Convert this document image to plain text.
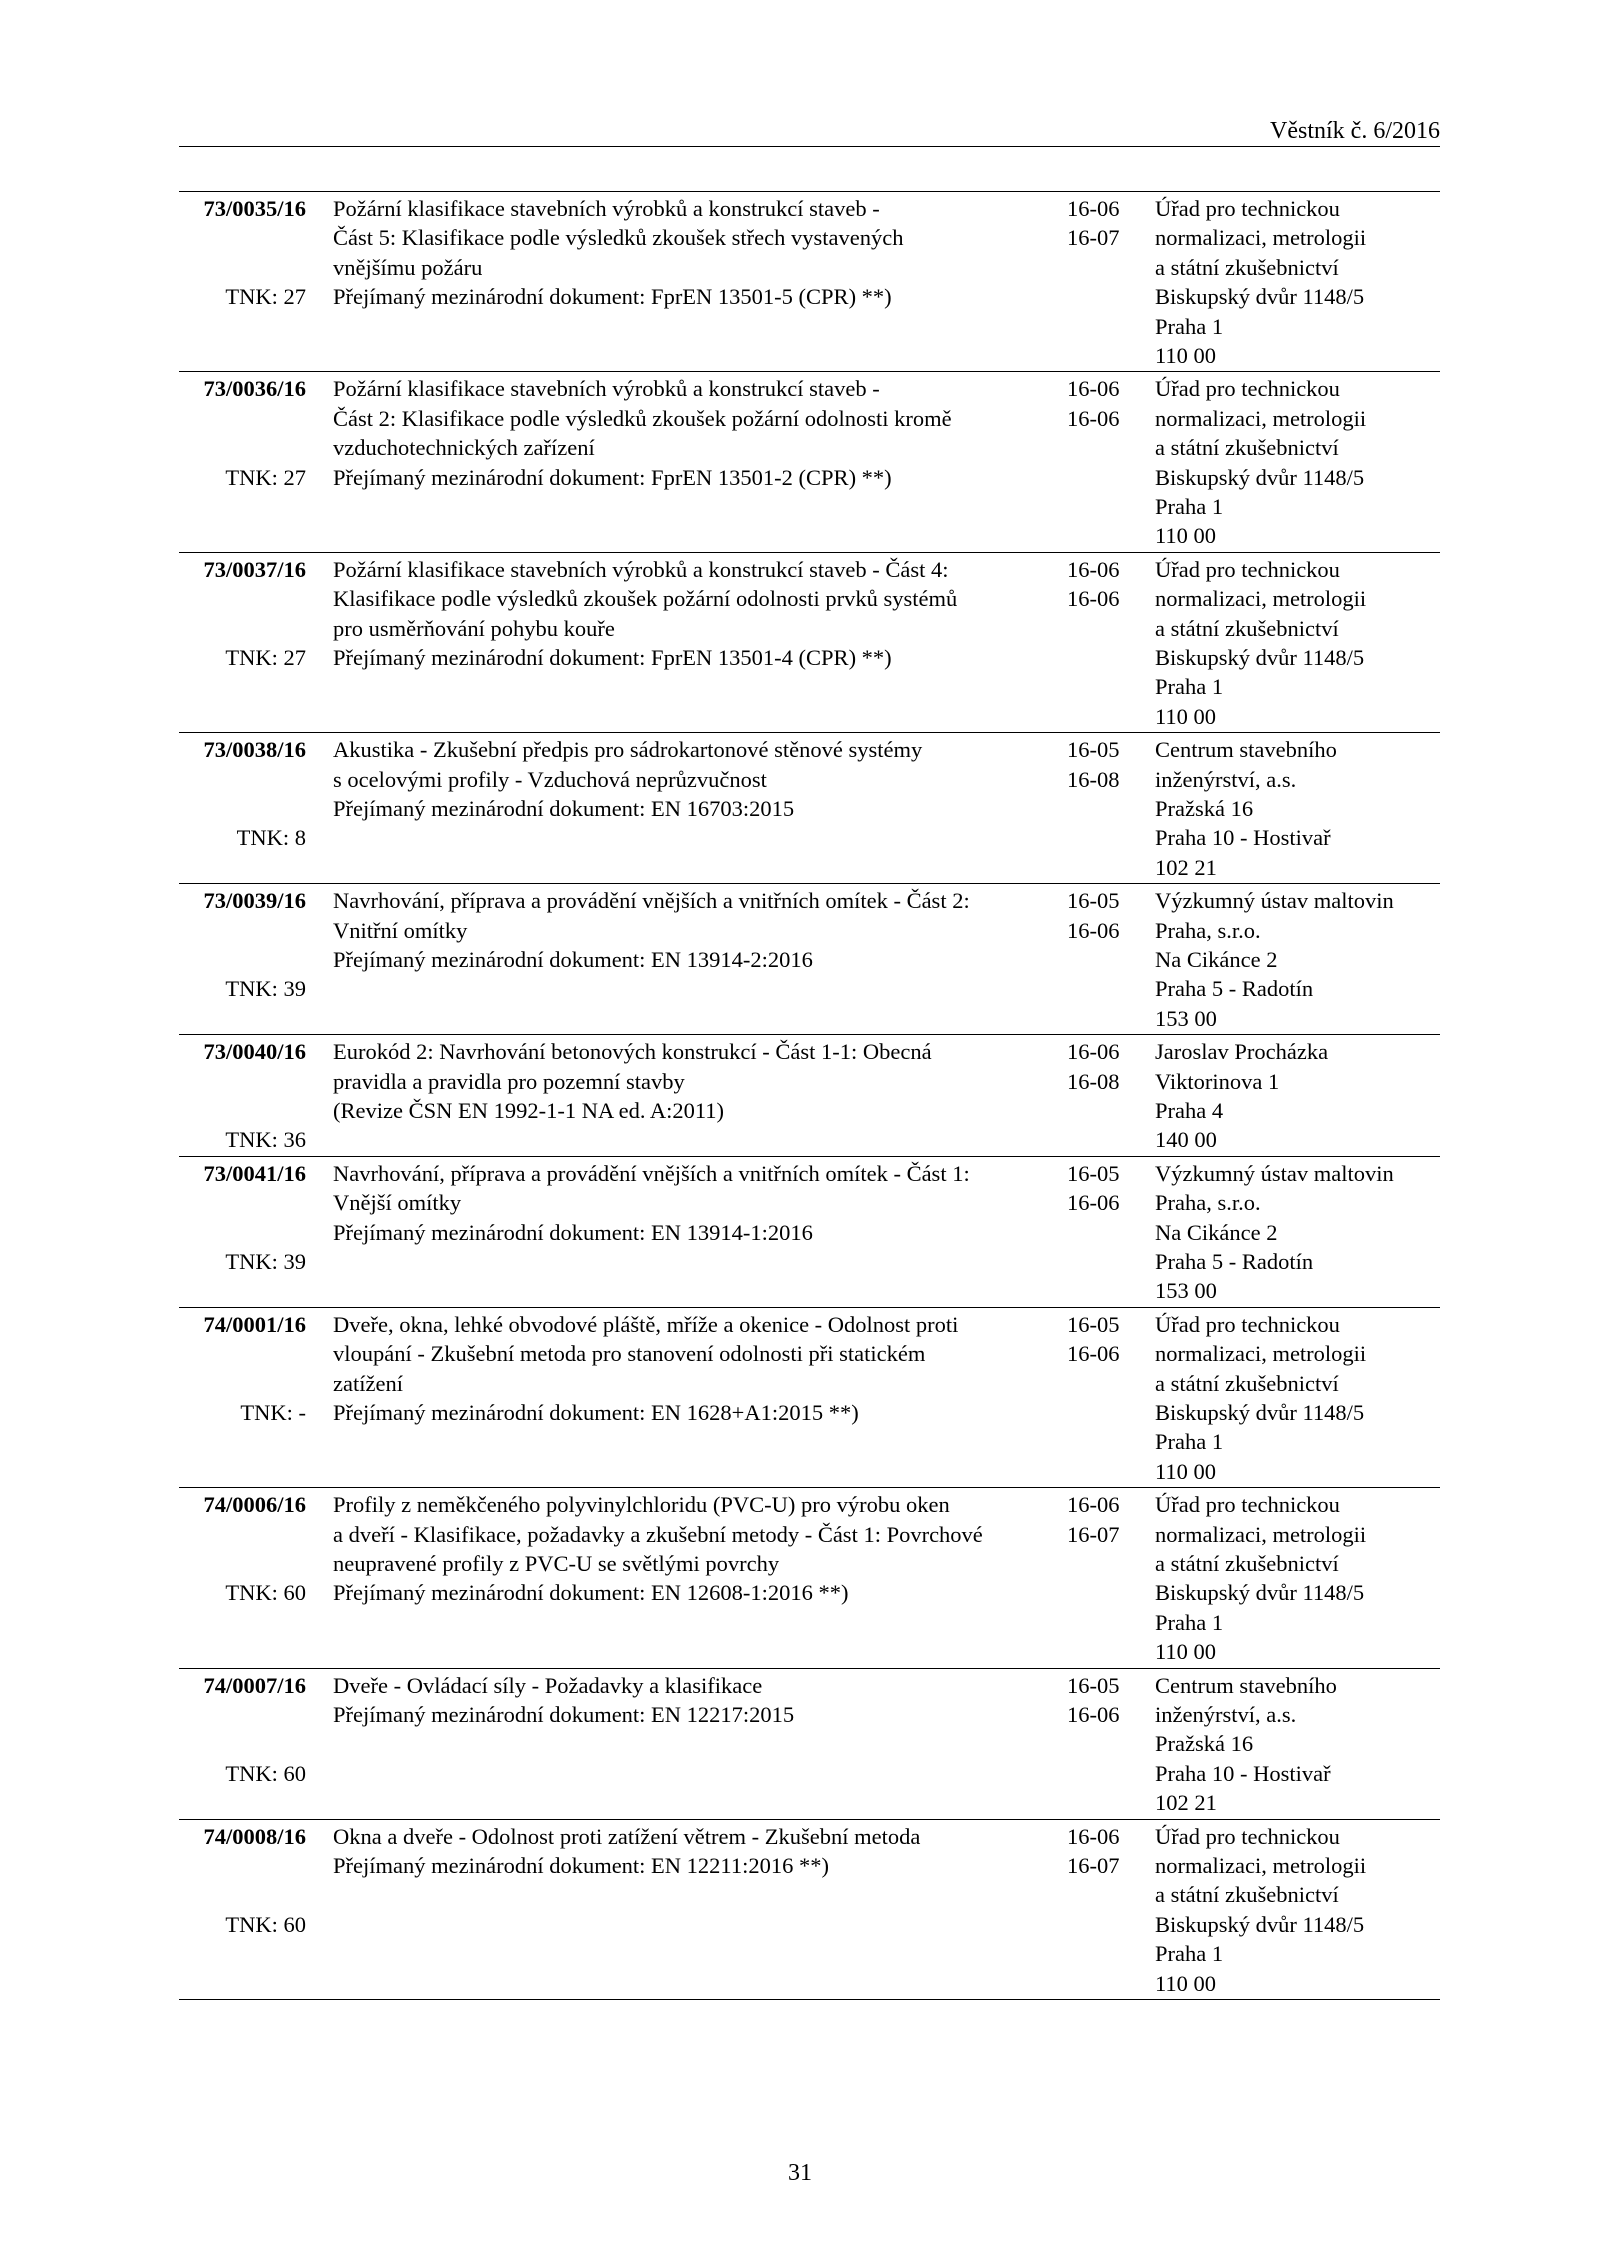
Věstník č. 6/2016
73/0035/16
TNK: 27
Požární klasifikace stavebních výrobků a konstrukcí staveb -
Část 5: Klasifikace podle výsledků zkoušek střech vystavených
vnějšímu požáru
Přejímaný mezinárodní dokument: FprEN 13501-5 (CPR) **)
16-06
16-07
Úřad pro technickou
normalizaci, metrologii
a státní zkušebnictví
Biskupský dvůr 1148/5
Praha 1
110 00
73/0036/16
TNK: 27
Požární klasifikace stavebních výrobků a konstrukcí staveb -
Část 2: Klasifikace podle výsledků zkoušek požární odolnosti kromě
vzduchotechnických zařízení
Přejímaný mezinárodní dokument: FprEN 13501-2 (CPR) **)
16-06
16-06
Úřad pro technickou
normalizaci, metrologii
a státní zkušebnictví
Biskupský dvůr 1148/5
Praha 1
110 00
73/0037/16
TNK: 27
Požární klasifikace stavebních výrobků a konstrukcí staveb - Část 4:
Klasifikace podle výsledků zkoušek požární odolnosti prvků systémů
pro usměrňování pohybu kouře
Přejímaný mezinárodní dokument: FprEN 13501-4 (CPR) **)
16-06
16-06
Úřad pro technickou
normalizaci, metrologii
a státní zkušebnictví
Biskupský dvůr 1148/5
Praha 1
110 00
73/0038/16
TNK: 8
Akustika - Zkušební předpis pro sádrokartonové stěnové systémy
s ocelovými profily - Vzduchová neprůzvučnost
Přejímaný mezinárodní dokument: EN 16703:2015
16-05
16-08
Centrum stavebního
inženýrství, a.s.
Pražská 16
Praha 10 - Hostivař
102 21
73/0039/16
TNK: 39
Navrhování, příprava a provádění vnějších a vnitřních omítek - Část 2:
Vnitřní omítky
Přejímaný mezinárodní dokument: EN 13914-2:2016
16-05
16-06
Výzkumný ústav maltovin
Praha, s.r.o.
Na Cikánce 2
Praha 5 - Radotín
153 00
73/0040/16
TNK: 36
Eurokód 2: Navrhování betonových konstrukcí - Část 1-1: Obecná
pravidla a pravidla pro pozemní stavby
(Revize ČSN EN 1992-1-1 NA ed. A:2011)
16-06
16-08
Jaroslav Procházka
Viktorinova 1
Praha 4
140 00
73/0041/16
TNK: 39
Navrhování, příprava a provádění vnějších a vnitřních omítek - Část 1:
Vnější omítky
Přejímaný mezinárodní dokument: EN 13914-1:2016
16-05
16-06
Výzkumný ústav maltovin
Praha, s.r.o.
Na Cikánce 2
Praha 5 - Radotín
153 00
74/0001/16
TNK: -
Dveře, okna, lehké obvodové pláště, mříže a okenice - Odolnost proti
vloupání - Zkušební metoda pro stanovení odolnosti při statickém
zatížení
Přejímaný mezinárodní dokument: EN 1628+A1:2015 **)
16-05
16-06
Úřad pro technickou
normalizaci, metrologii
a státní zkušebnictví
Biskupský dvůr 1148/5
Praha 1
110 00
74/0006/16
TNK: 60
Profily z neměkčeného polyvinylchloridu (PVC-U) pro výrobu oken
a dveří - Klasifikace, požadavky a zkušební metody - Část 1: Povrchové
neupravené profily z PVC-U se světlými povrchy
Přejímaný mezinárodní dokument: EN 12608-1:2016 **)
16-06
16-07
Úřad pro technickou
normalizaci, metrologii
a státní zkušebnictví
Biskupský dvůr 1148/5
Praha 1
110 00
74/0007/16
TNK: 60
Dveře - Ovládací síly - Požadavky a klasifikace
Přejímaný mezinárodní dokument: EN 12217:2015
16-05
16-06
Centrum stavebního
inženýrství, a.s.
Pražská 16
Praha 10 - Hostivař
102 21
74/0008/16
TNK: 60
Okna a dveře - Odolnost proti zatížení větrem - Zkušební metoda
Přejímaný mezinárodní dokument: EN 12211:2016 **)
16-06
16-07
Úřad pro technickou
normalizaci, metrologii
a státní zkušebnictví
Biskupský dvůr 1148/5
Praha 1
110 00
31
